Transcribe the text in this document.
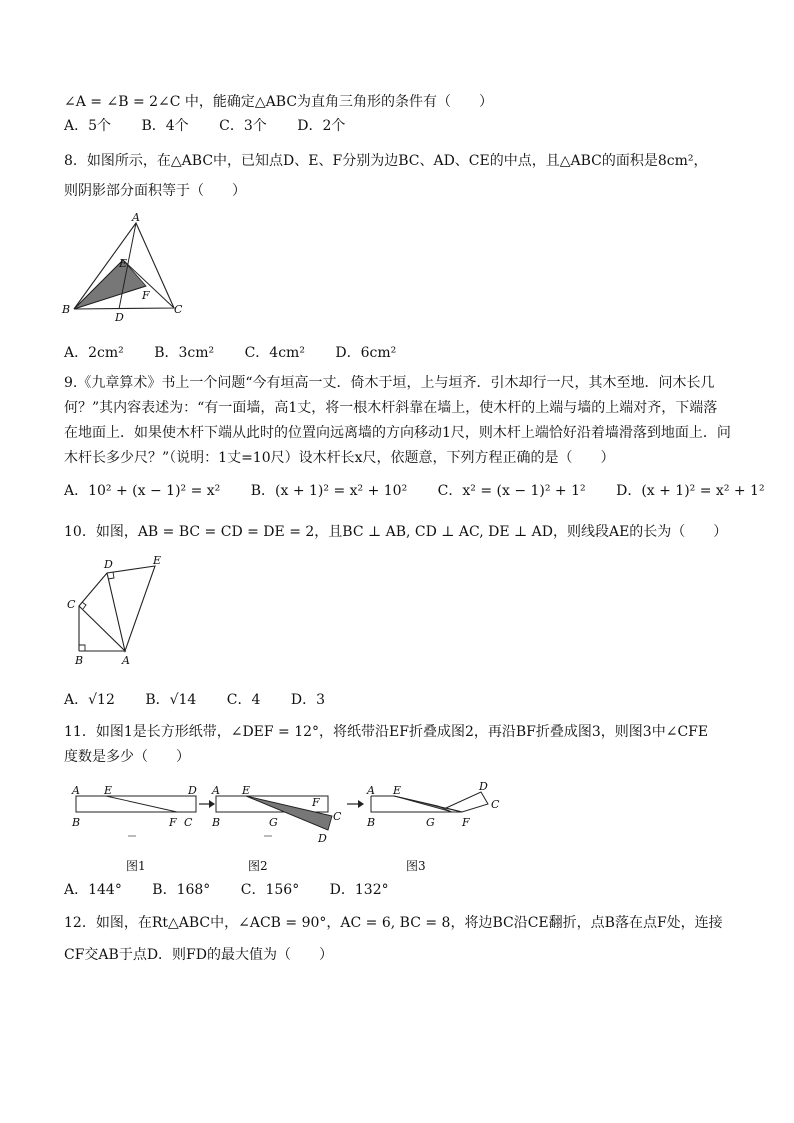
∠A = ∠B = 2∠C 中，能确定△ABC为直角三角形的条件有（　　）
A．5个 B．4个 C．3个 D．2个
8．如图所示，在△ABC中，已知点D、E、F分别为边BC、AD、CE的中点，且△ABC的面积是8cm²，
则阴影部分面积等于（　　）
A
B	C
D
E
F
A．2cm² B．3cm² C．4cm² D．6cm²
9.《九章算术》书上一个问题“今有垣高一丈．倚木于垣，上与垣齐．引木却行一尺，其木至地．问木长几
何？”其内容表述为：“有一面墙，高1丈，将一根木杆斜靠在墙上，使木杆的上端与墙的上端对齐，下端落
在地面上．如果使木杆下端从此时的位置向远离墙的方向移动1尺，则木杆上端恰好沿着墙滑落到地面上．问
木杆长多少尺？”（说明：1丈=10尺）设木杆长x尺，依题意，下列方程正确的是（　　）
A．10² + (x − 1)² = x² B．(x + 1)² = x² + 10² C．x² = (x − 1)² + 1² D．(x + 1)² = x² + 1²
10．如图，AB = BC = CD = DE = 2，且BC ⊥ AB, CD ⊥ AC, DE ⊥ AD，则线段AE的长为（　　）
A
B
C
D	E
A．√12 B．√14 C．4 D．3
11．如图1是长方形纸带，∠DEF = 12°，将纸带沿EF折叠成图2，再沿BF折叠成图3，则图3中∠CFE
度数是多少（　　）
A E	D
B	F C
A E
F
C
D
B	G
A E	D
C
B	G F
图1	图2	图3
A．144° B．168° C．156° D．132°
12．如图，在Rt△ABC中，∠ACB = 90°，AC = 6, BC = 8，将边BC沿CE翻折，点B落在点F处，连接
CF交AB于点D．则FD的最大值为（　　）
